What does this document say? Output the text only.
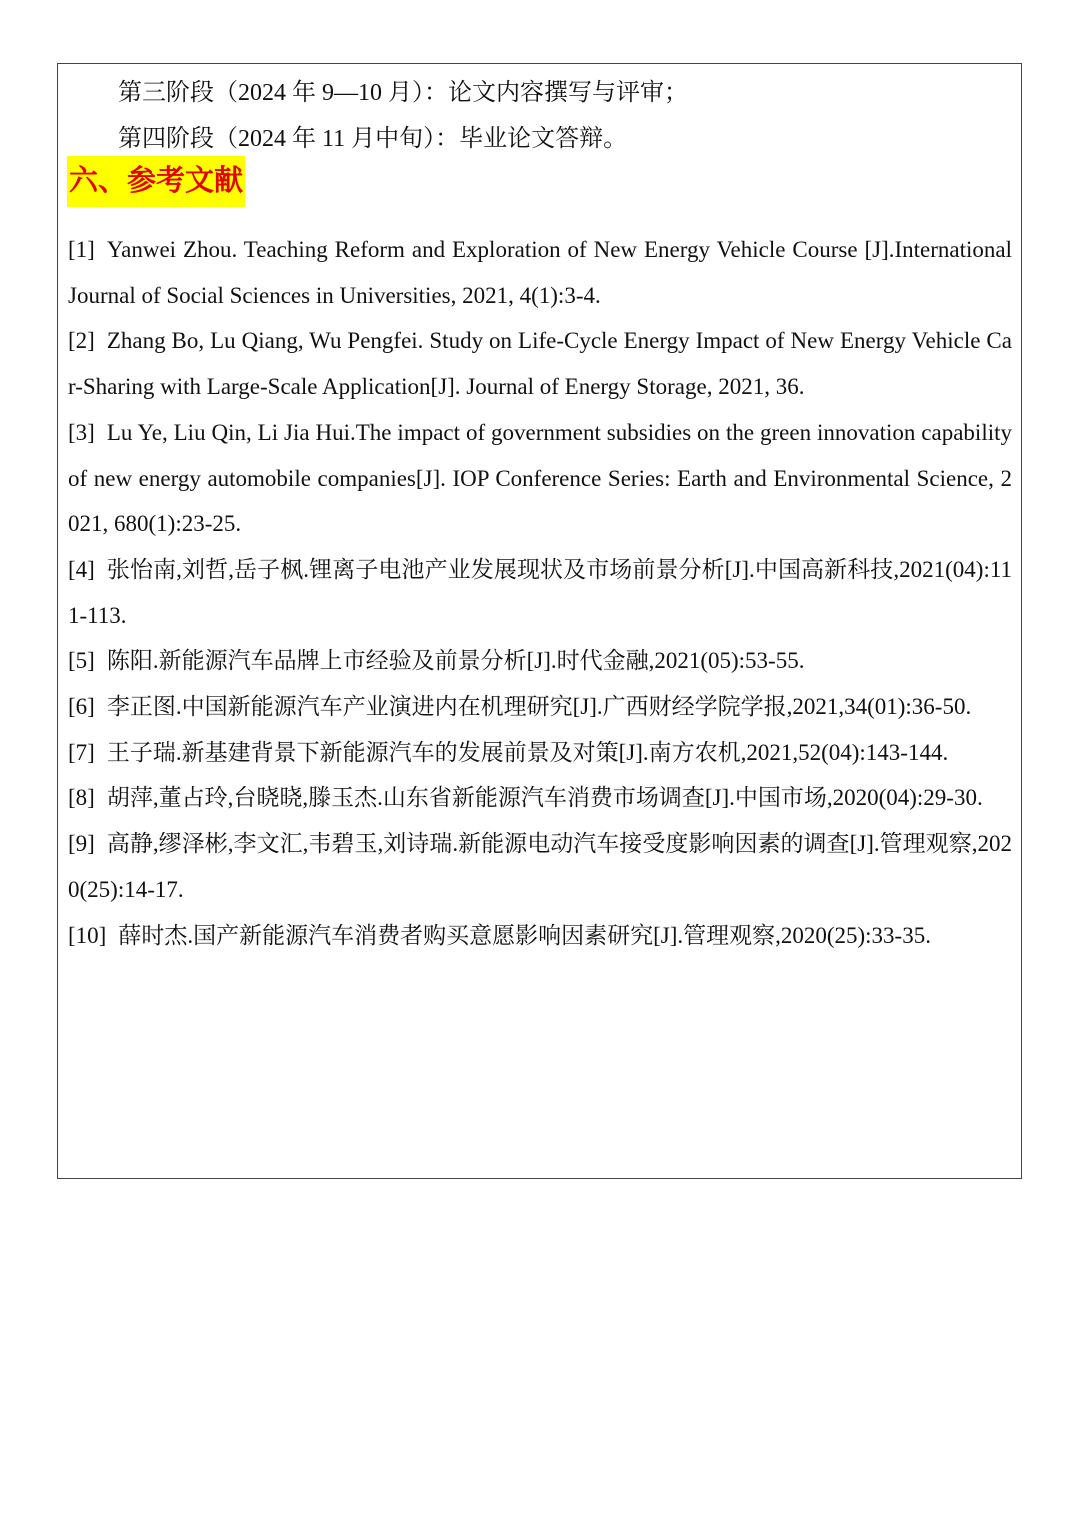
第三阶段（2024 年 9—10 月）：论文内容撰写与评审；
第四阶段（2024 年 11 月中旬）：毕业论文答辩。
六、参考文献
[1] Yanwei Zhou. Teaching Reform and Exploration of New Energy Vehicle Course [J].International Journal of Social Sciences in Universities, 2021, 4(1):3-4.
[2] Zhang Bo, Lu Qiang, Wu Pengfei. Study on Life-Cycle Energy Impact of New Energy Vehicle Car-Sharing with Large-Scale Application[J]. Journal of Energy Storage, 2021, 36.
[3] Lu Ye, Liu Qin, Li Jia Hui.The impact of government subsidies on the green innovation capability of new energy automobile companies[J]. IOP Conference Series: Earth and Environmental Science, 2021, 680(1):23-25.
[4] 张怡南,刘哲,岳子枫.锂离子电池产业发展现状及市场前景分析[J].中国高新科技,2021(04):111-113.
[5] 陈阳.新能源汽车品牌上市经验及前景分析[J].时代金融,2021(05):53-55.
[6] 李正图.中国新能源汽车产业演进内在机理研究[J].广西财经学院学报,2021,34(01):36-50.
[7] 王子瑞.新基建背景下新能源汽车的发展前景及对策[J].南方农机,2021,52(04):143-144.
[8] 胡萍,董占玲,台晓晓,滕玉杰.山东省新能源汽车消费市场调查[J].中国市场,2020(04):29-30.
[9] 高静,缪泽彬,李文汇,韦碧玉,刘诗瑞.新能源电动汽车接受度影响因素的调查[J].管理观察,2020(25):14-17.
[10] 薛时杰.国产新能源汽车消费者购买意愿影响因素研究[J].管理观察,2020(25):33-35.
